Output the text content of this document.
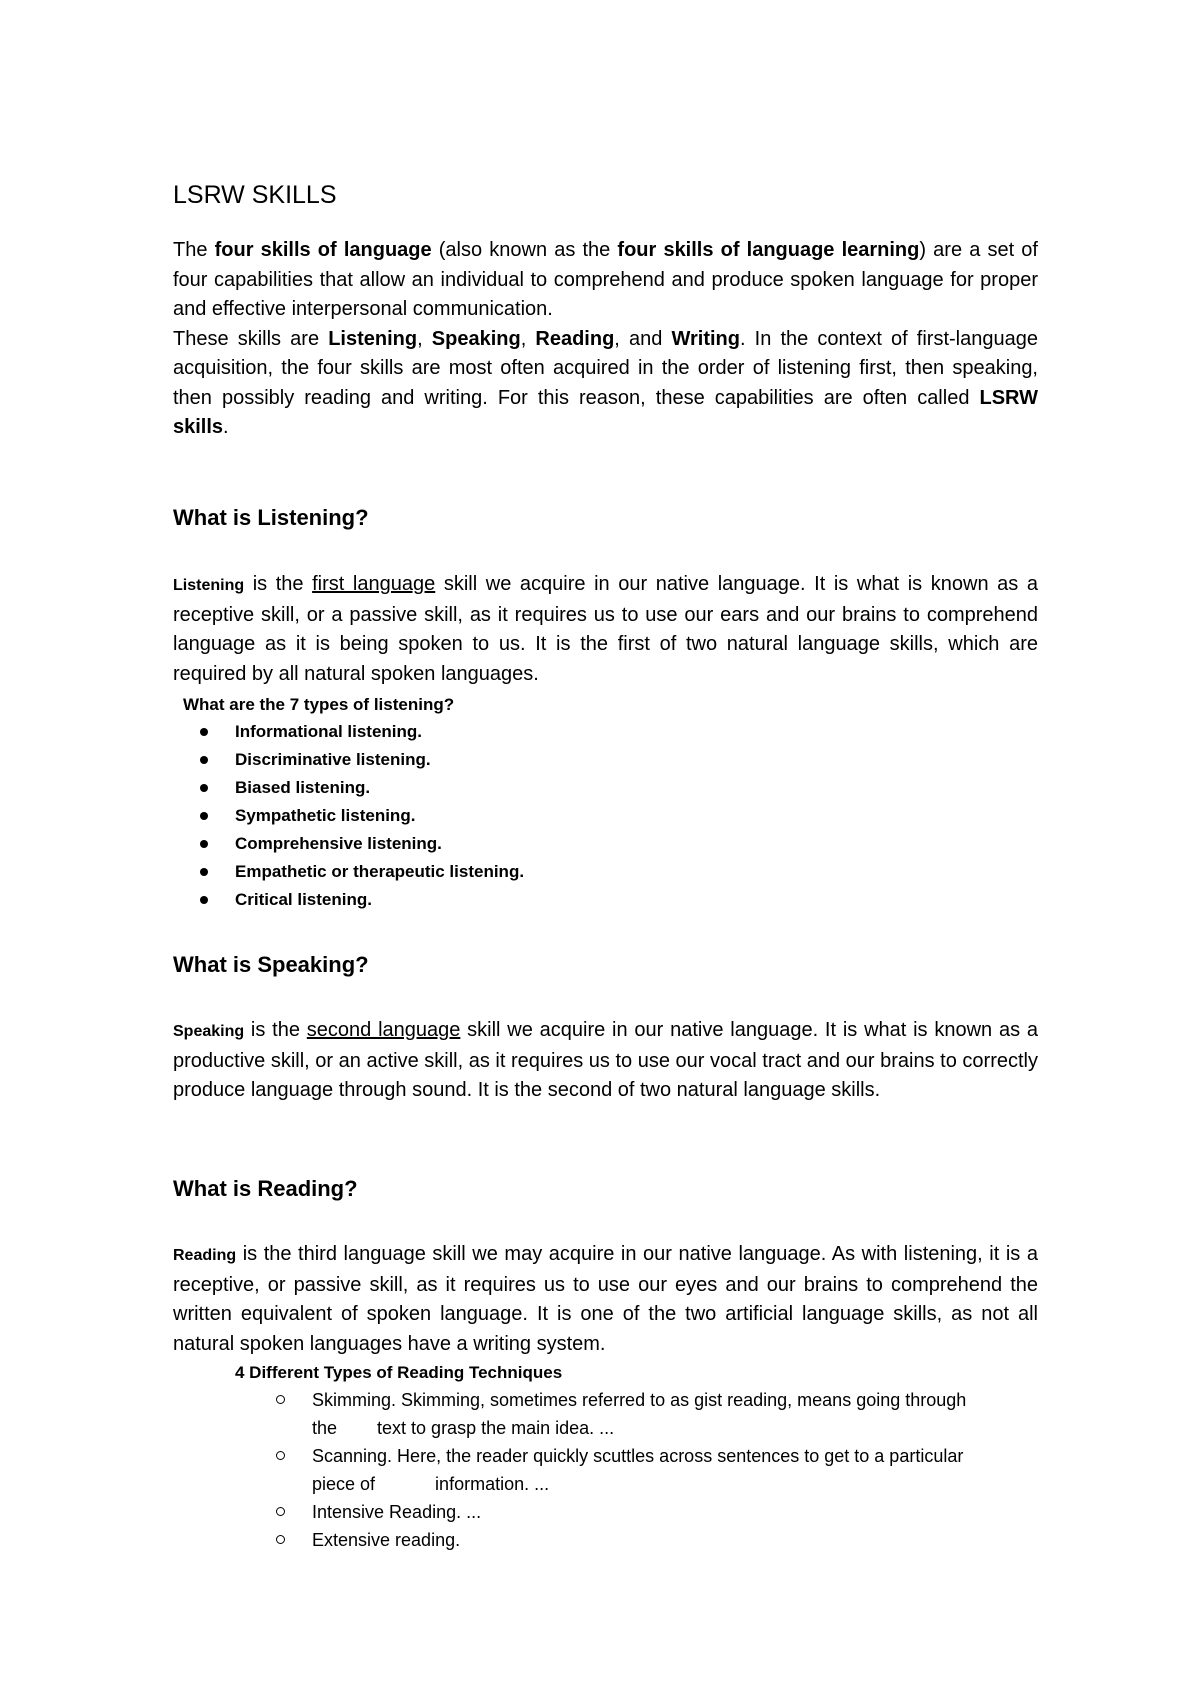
LSRW SKILLS
The four skills of language (also known as the four skills of language learning) are a set of four capabilities that allow an individual to comprehend and produce spoken language for proper and effective interpersonal communication.
These skills are Listening, Speaking, Reading, and Writing. In the context of first-language acquisition, the four skills are most often acquired in the order of listening first, then speaking, then possibly reading and writing. For this reason, these capabilities are often called LSRW skills.
What is Listening?
Listening is the first language skill we acquire in our native language. It is what is known as a receptive skill, or a passive skill, as it requires us to use our ears and our brains to comprehend language as it is being spoken to us. It is the first of two natural language skills, which are required by all natural spoken languages.
What are the 7 types of listening?
Informational listening.
Discriminative listening.
Biased listening.
Sympathetic listening.
Comprehensive listening.
Empathetic or therapeutic listening.
Critical listening.
What is Speaking?
Speaking is the second language skill we acquire in our native language. It is what is known as a productive skill, or an active skill, as it requires us to use our vocal tract and our brains to correctly produce language through sound. It is the second of two natural language skills.
What is Reading?
Reading is the third language skill we may acquire in our native language. As with listening, it is a receptive, or passive skill, as it requires us to use our eyes and our brains to comprehend the written equivalent of spoken language. It is one of the two artificial language skills, as not all natural spoken languages have a writing system.
4 Different Types of Reading Techniques
Skimming. Skimming, sometimes referred to as gist reading, means going through
the        text to grasp the main idea. ...
Scanning. Here, the reader quickly scuttles across sentences to get to a particular
piece of            information. ...
Intensive Reading. ...
Extensive reading.
